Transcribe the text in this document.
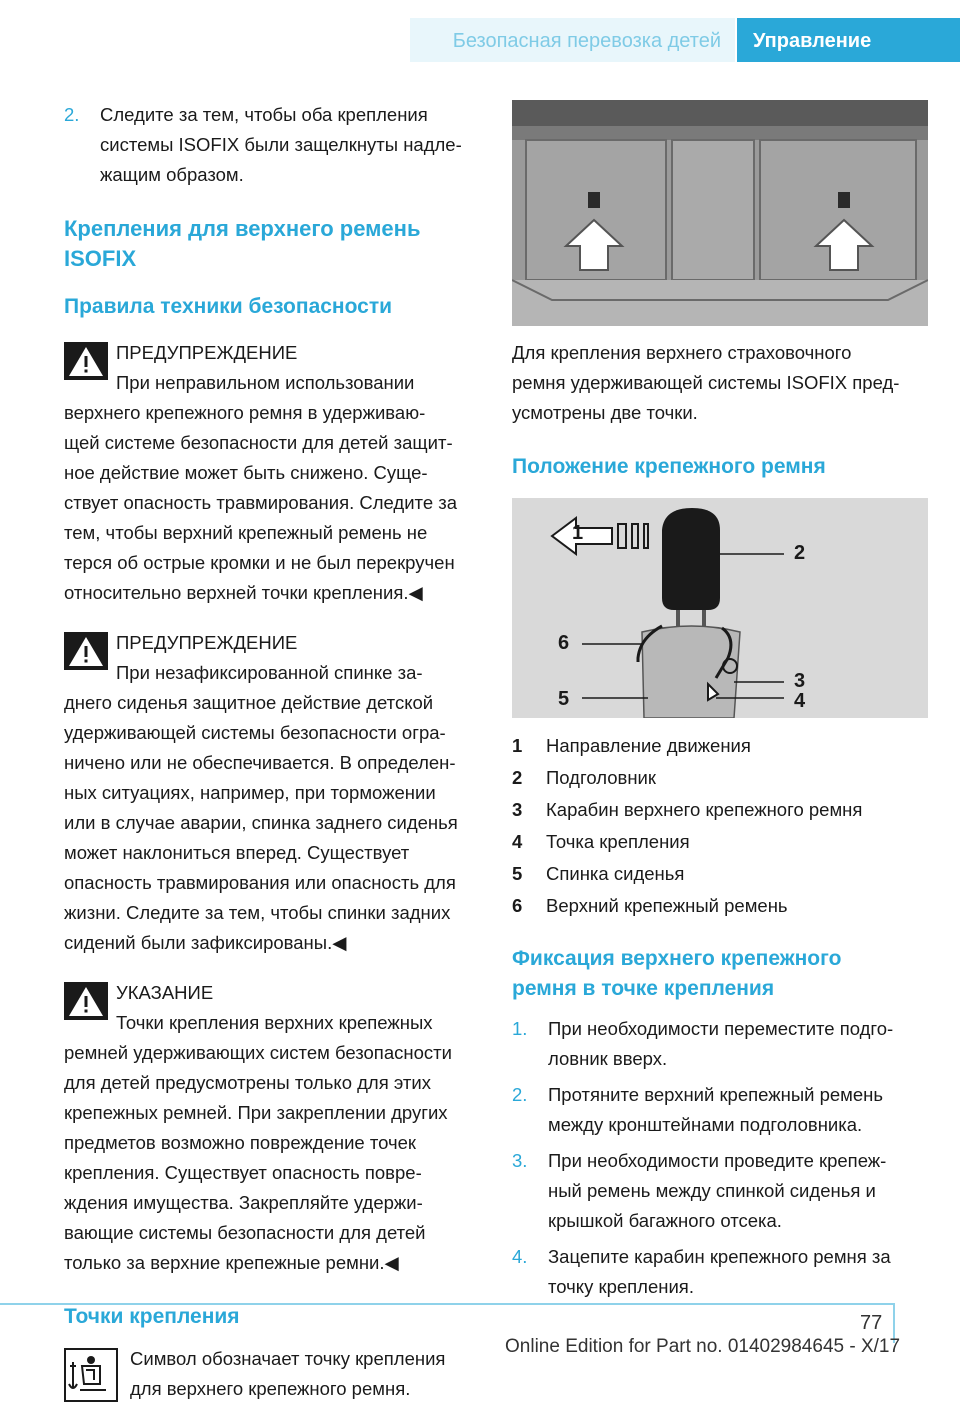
Безопасная перевозка детей	Управление
2. Следите за тем, чтобы оба крепления
системы ISOFIX были защелкнуты надле-
жащим образом.
Крепления для верхнего ремень
ISOFIX
Правила техники безопасности
ПРЕДУПРЕЖДЕНИЕ
При неправильном использовании
верхнего крепежного ремня в удерживаю-
щей системе безопасности для детей защит-
ное действие может быть снижено. Суще-
ствует опасность травмирования. Следите за
тем, чтобы верхний крепежный ремень не
терся об острые кромки и не был перекручен
относительно верхней точки крепления.◀
ПРЕДУПРЕЖДЕНИЕ
При незафиксированной спинке за-
днего сиденья защитное действие детской
удерживающей системы безопасности огра-
ничено или не обеспечивается. В определен-
ных ситуациях, например, при торможении
или в случае аварии, спинка заднего сиденья
может наклониться вперед. Существует
опасность травмирования или опасность для
жизни. Следите за тем, чтобы спинки задних
сидений были зафиксированы.◀
УКАЗАНИЕ
Точки крепления верхних крепежных
ремней удерживающих систем безопасности
для детей предусмотрены только для этих
крепежных ремней. При закреплении других
предметов возможно повреждение точек
крепления. Существует опасность повре-
ждения имущества. Закрепляйте удержи-
вающие системы безопасности для детей
только за верхние крепежные ремни.◀
Точки крепления
Символ обозначает точку крепления
для верхнего крепежного ремня.
Для крепления верхнего страховочного
ремня удерживающей системы ISOFIX пред-
усмотрены две точки.
Положение крепежного ремня
1
2
3
4
5
6
1 Направление движения
2 Подголовник
3 Карабин верхнего крепежного ремня
4 Точка крепления
5 Спинка сиденья
6 Верхний крепежный ремень
Фиксация верхнего крепежного
ремня в точке крепления
1. При необходимости переместите подго-
ловник вверх.
2. Протяните верхний крепежный ремень
между кронштейнами подголовника.
3. При необходимости проведите крепеж-
ный ремень между спинкой сиденья и
крышкой багажного отсека.
4. Зацепите карабин крепежного ремня за
точку крепления.
77
Online Edition for Part no. 01402984645 - X/17
